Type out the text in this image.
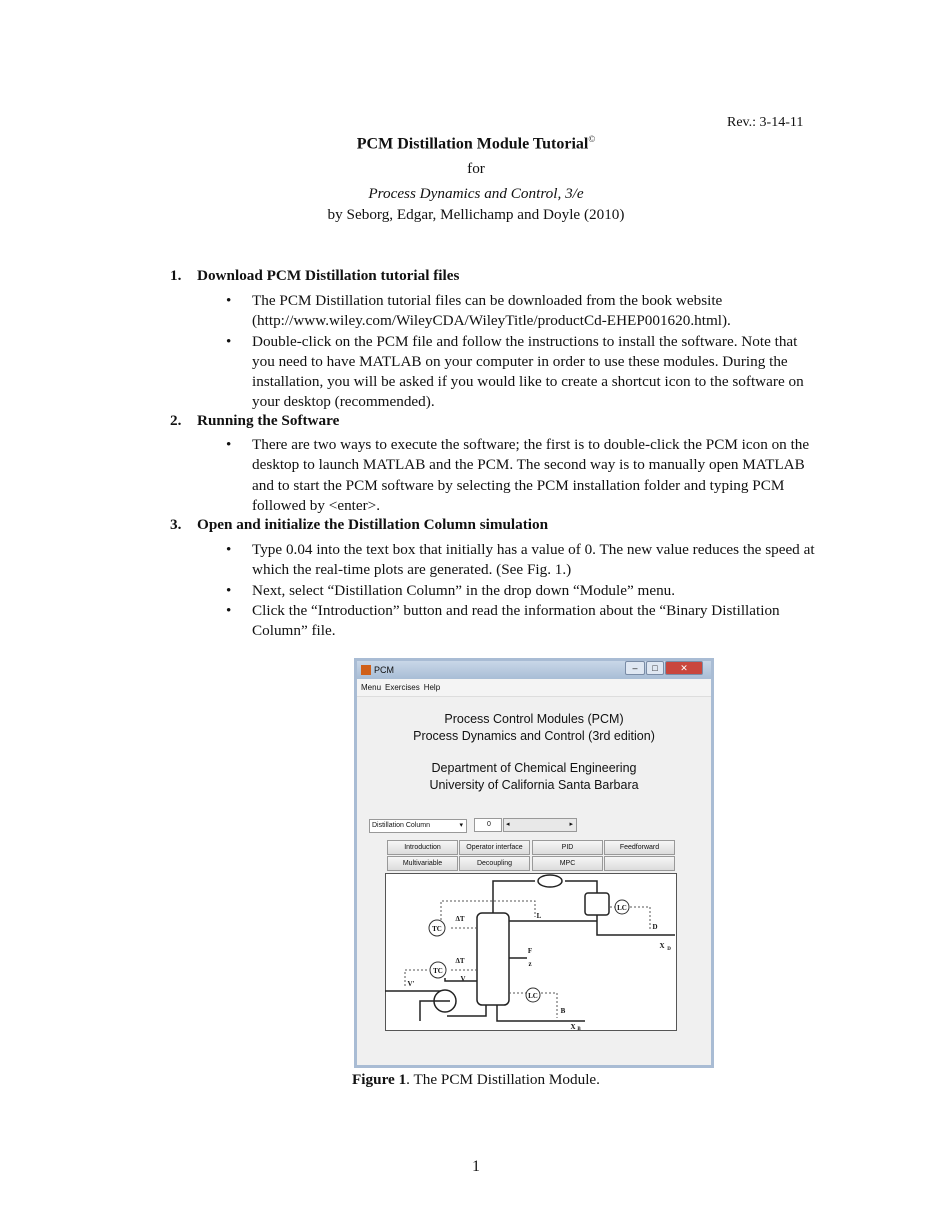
Rev.: 3-14-11
PCM Distillation Module Tutorial©
for
Process Dynamics and Control, 3/e
by Seborg, Edgar, Mellichamp and Doyle (2010)
1. Download PCM Distillation tutorial files
• The PCM Distillation tutorial files can be downloaded from the book website (http://www.wiley.com/WileyCDA/WileyTitle/productCd-EHEP001620.html).
• Double-click on the PCM file and follow the instructions to install the software. Note that you need to have MATLAB on your computer in order to use these modules. During the installation, you will be asked if you would like to create a shortcut icon to the software on your desktop (recommended).
2. Running the Software
• There are two ways to execute the software; the first is to double-click the PCM icon on the desktop to launch MATLAB and the PCM. The second way is to manually open MATLAB and to start the PCM software by selecting the PCM installation folder and typing PCM followed by <enter>.
3. Open and initialize the Distillation Column simulation
• Type 0.04 into the text box that initially has a value of 0. The new value reduces the speed at which the real-time plots are generated. (See Fig. 1.)
• Next, select “Distillation Column” in the drop down “Module” menu.
• Click the “Introduction” button and read the information about the “Binary Distillation Column” file.
PCM	–	□	✕
Menu Exercises Help
Process Control Modules (PCM)
Process Dynamics and Control (3rd edition)
Department of Chemical Engineering
University of California Santa Barbara
Distillation Column	▾	0	◂	▸
Introduction	Operator interface	PID	Feedforward
Multivariable	Decoupling	MPC
TC
TC
LC
LC
ΔT
ΔT
L
D
X D
F
z
V
V'
B
X B
Figure 1. The PCM Distillation Module.
1
